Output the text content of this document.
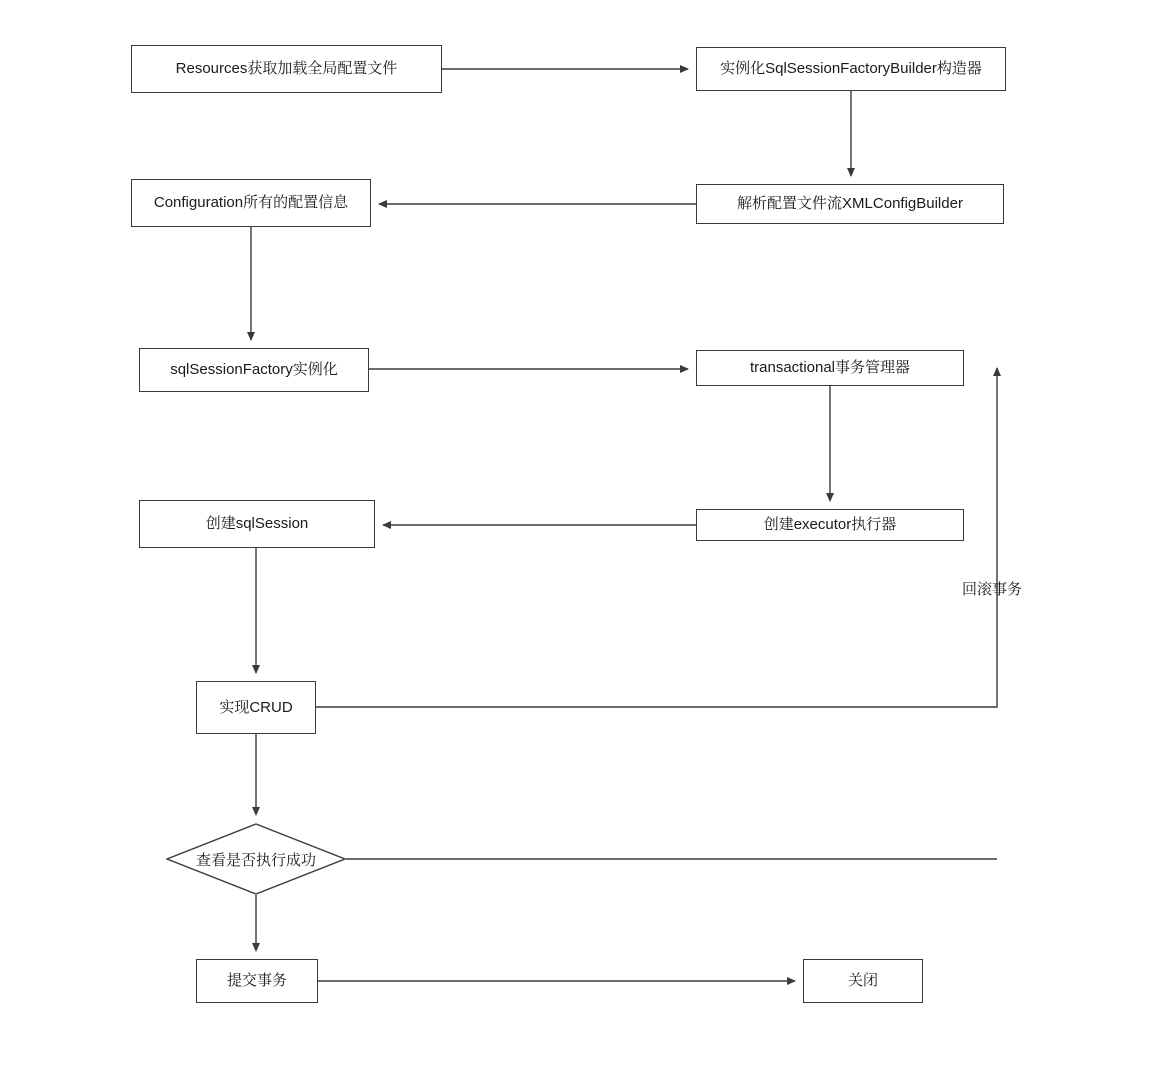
Resources获取加载全局配置文件	实例化SqlSessionFactoryBuilder构造器
解析配置文件流XMLConfigBuilder
Configuration所有的配置信息
sqlSessionFactory实例化	transactional事务管理器
创建executor执行器
创建sqlSession
实现CRUD
查看是否执行成功
提交事务	关闭
回滚事务
